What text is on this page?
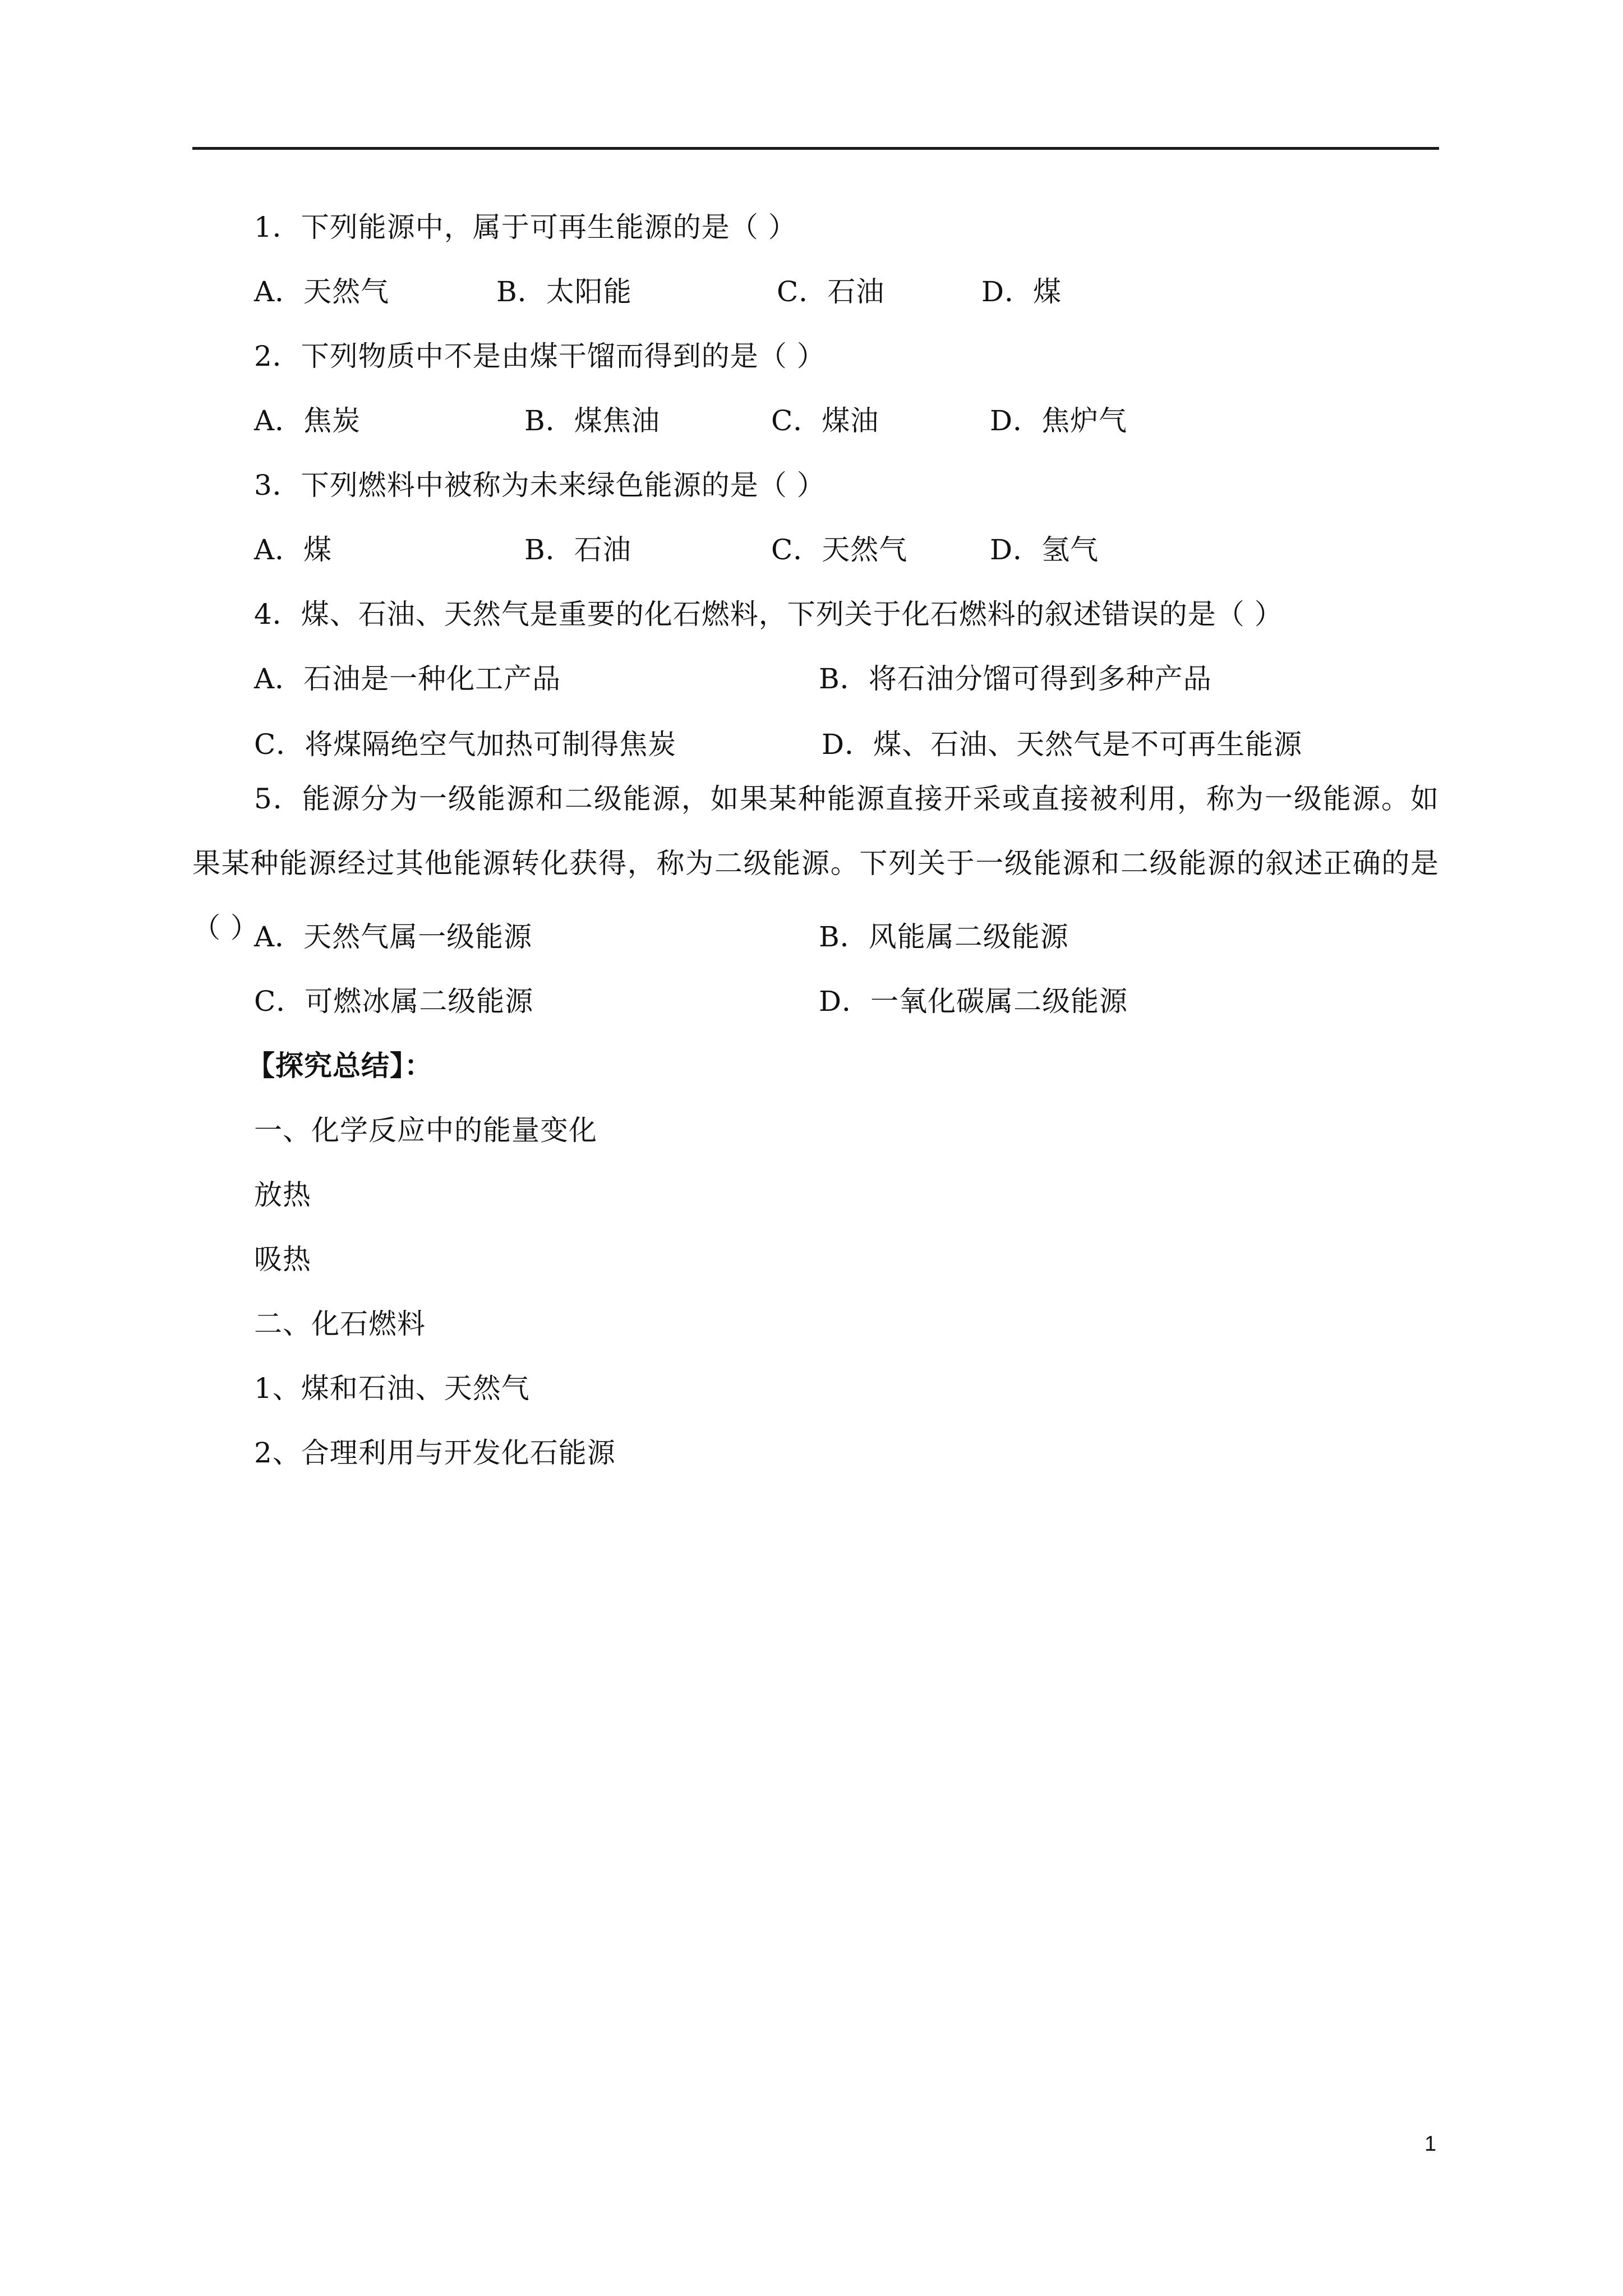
1．下列能源中，属于可再生能源的是（ ）
A．天然气	B．太阳能	C．石油	D．煤
2．下列物质中不是由煤干馏而得到的是（ ）
A．焦炭	B．煤焦油	C．煤油	D．焦炉气
3．下列燃料中被称为未来绿色能源的是（ ）
A．煤	B．石油	C．天然气	D．氢气
4．煤、石油、天然气是重要的化石燃料，下列关于化石燃料的叙述错误的是（ ）
A．石油是一种化工产品	B．将石油分馏可得到多种产品
C．将煤隔绝空气加热可制得焦炭	D．煤、石油、天然气是不可再生能源
5．能源分为一级能源和二级能源，如果某种能源直接开采或直接被利用，称为一级能源。如果某种能源经过其他能源转化获得，称为二级能源。下列关于一级能源和二级能源的叙述正确的是（ ）
A．天然气属一级能源	B．风能属二级能源
C．可燃冰属二级能源	D．一氧化碳属二级能源
【探究总结】：
一、化学反应中的能量变化
放热
吸热
二、化石燃料
1、煤和石油、天然气
2、合理利用与开发化石能源
1
